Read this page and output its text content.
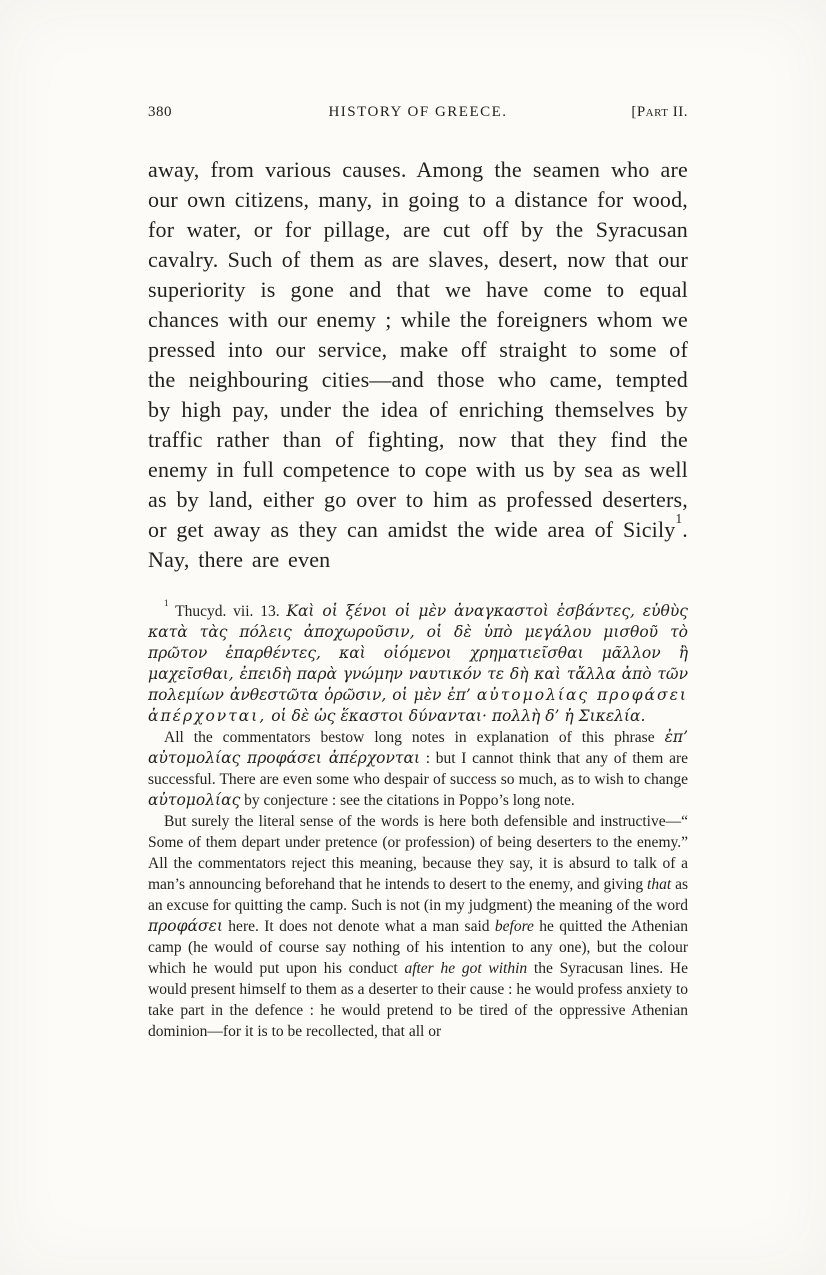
380	HISTORY OF GREECE.	[Part II.

away, from various causes. Among the seamen who are our own citizens, many, in going to a distance for wood, for water, or for pillage, are cut off by the Syracusan cavalry. Such of them as are slaves, desert, now that our superiority is gone and that we have come to equal chances with our enemy ; while the foreigners whom we pressed into our service, make off straight to some of the neighbouring cities—and those who came, tempted by high pay, under the idea of enriching themselves by traffic rather than of fighting, now that they find the enemy in full competence to cope with us by sea as well as by land, either go over to him as professed deserters, or get away as they can amidst the wide area of Sicily$^1$. Nay, there are even

$^1$ Thucyd. vii. 13. Καὶ οἱ ξένοι οἱ μὲν ἀναγκαστοὶ ἐσβάντες, εὐθὺς κατὰ τὰς πόλεις ἀποχωροῦσιν, οἱ δὲ ὑπὸ μεγάλου μισθοῦ τὸ πρῶτον ἐπαρθέντες, καὶ οἰόμενοι χρηματιεῖσθαι μᾶλλον ἢ μαχεῖσθαι, ἐπειδὴ παρὰ γνώμην ναυτικόν τε δὴ καὶ τἄλλα ἀπὸ τῶν πολεμίων ἀνθεστῶτα ὁρῶσιν, οἱ μὲν ἐπ’ αὐτομολίας προφάσει ἀπέρχονται, οἱ δὲ ὡς ἕκαστοι δύνανται· πολλὴ δ’ ἡ Σικελία.

All the commentators bestow long notes in explanation of this phrase ἐπ’ αὐτομολίας προφάσει ἀπέρχονται : but I cannot think that any of them are successful. There are even some who despair of success so much, as to wish to change αὐτομολίας by conjecture : see the citations in Poppo’s long note.

But surely the literal sense of the words is here both defensible and instructive—“ Some of them depart under pretence (or profession) of being deserters to the enemy.” All the commentators reject this meaning, because they say, it is absurd to talk of a man’s announcing beforehand that he intends to desert to the enemy, and giving that as an excuse for quitting the camp. Such is not (in my judgment) the meaning of the word προφάσει here. It does not denote what a man said before he quitted the Athenian camp (he would of course say nothing of his intention to any one), but the colour which he would put upon his conduct after he got within the Syracusan lines. He would present himself to them as a deserter to their cause : he would profess anxiety to take part in the defence : he would pretend to be tired of the oppressive Athenian dominion—for it is to be recollected, that all or
